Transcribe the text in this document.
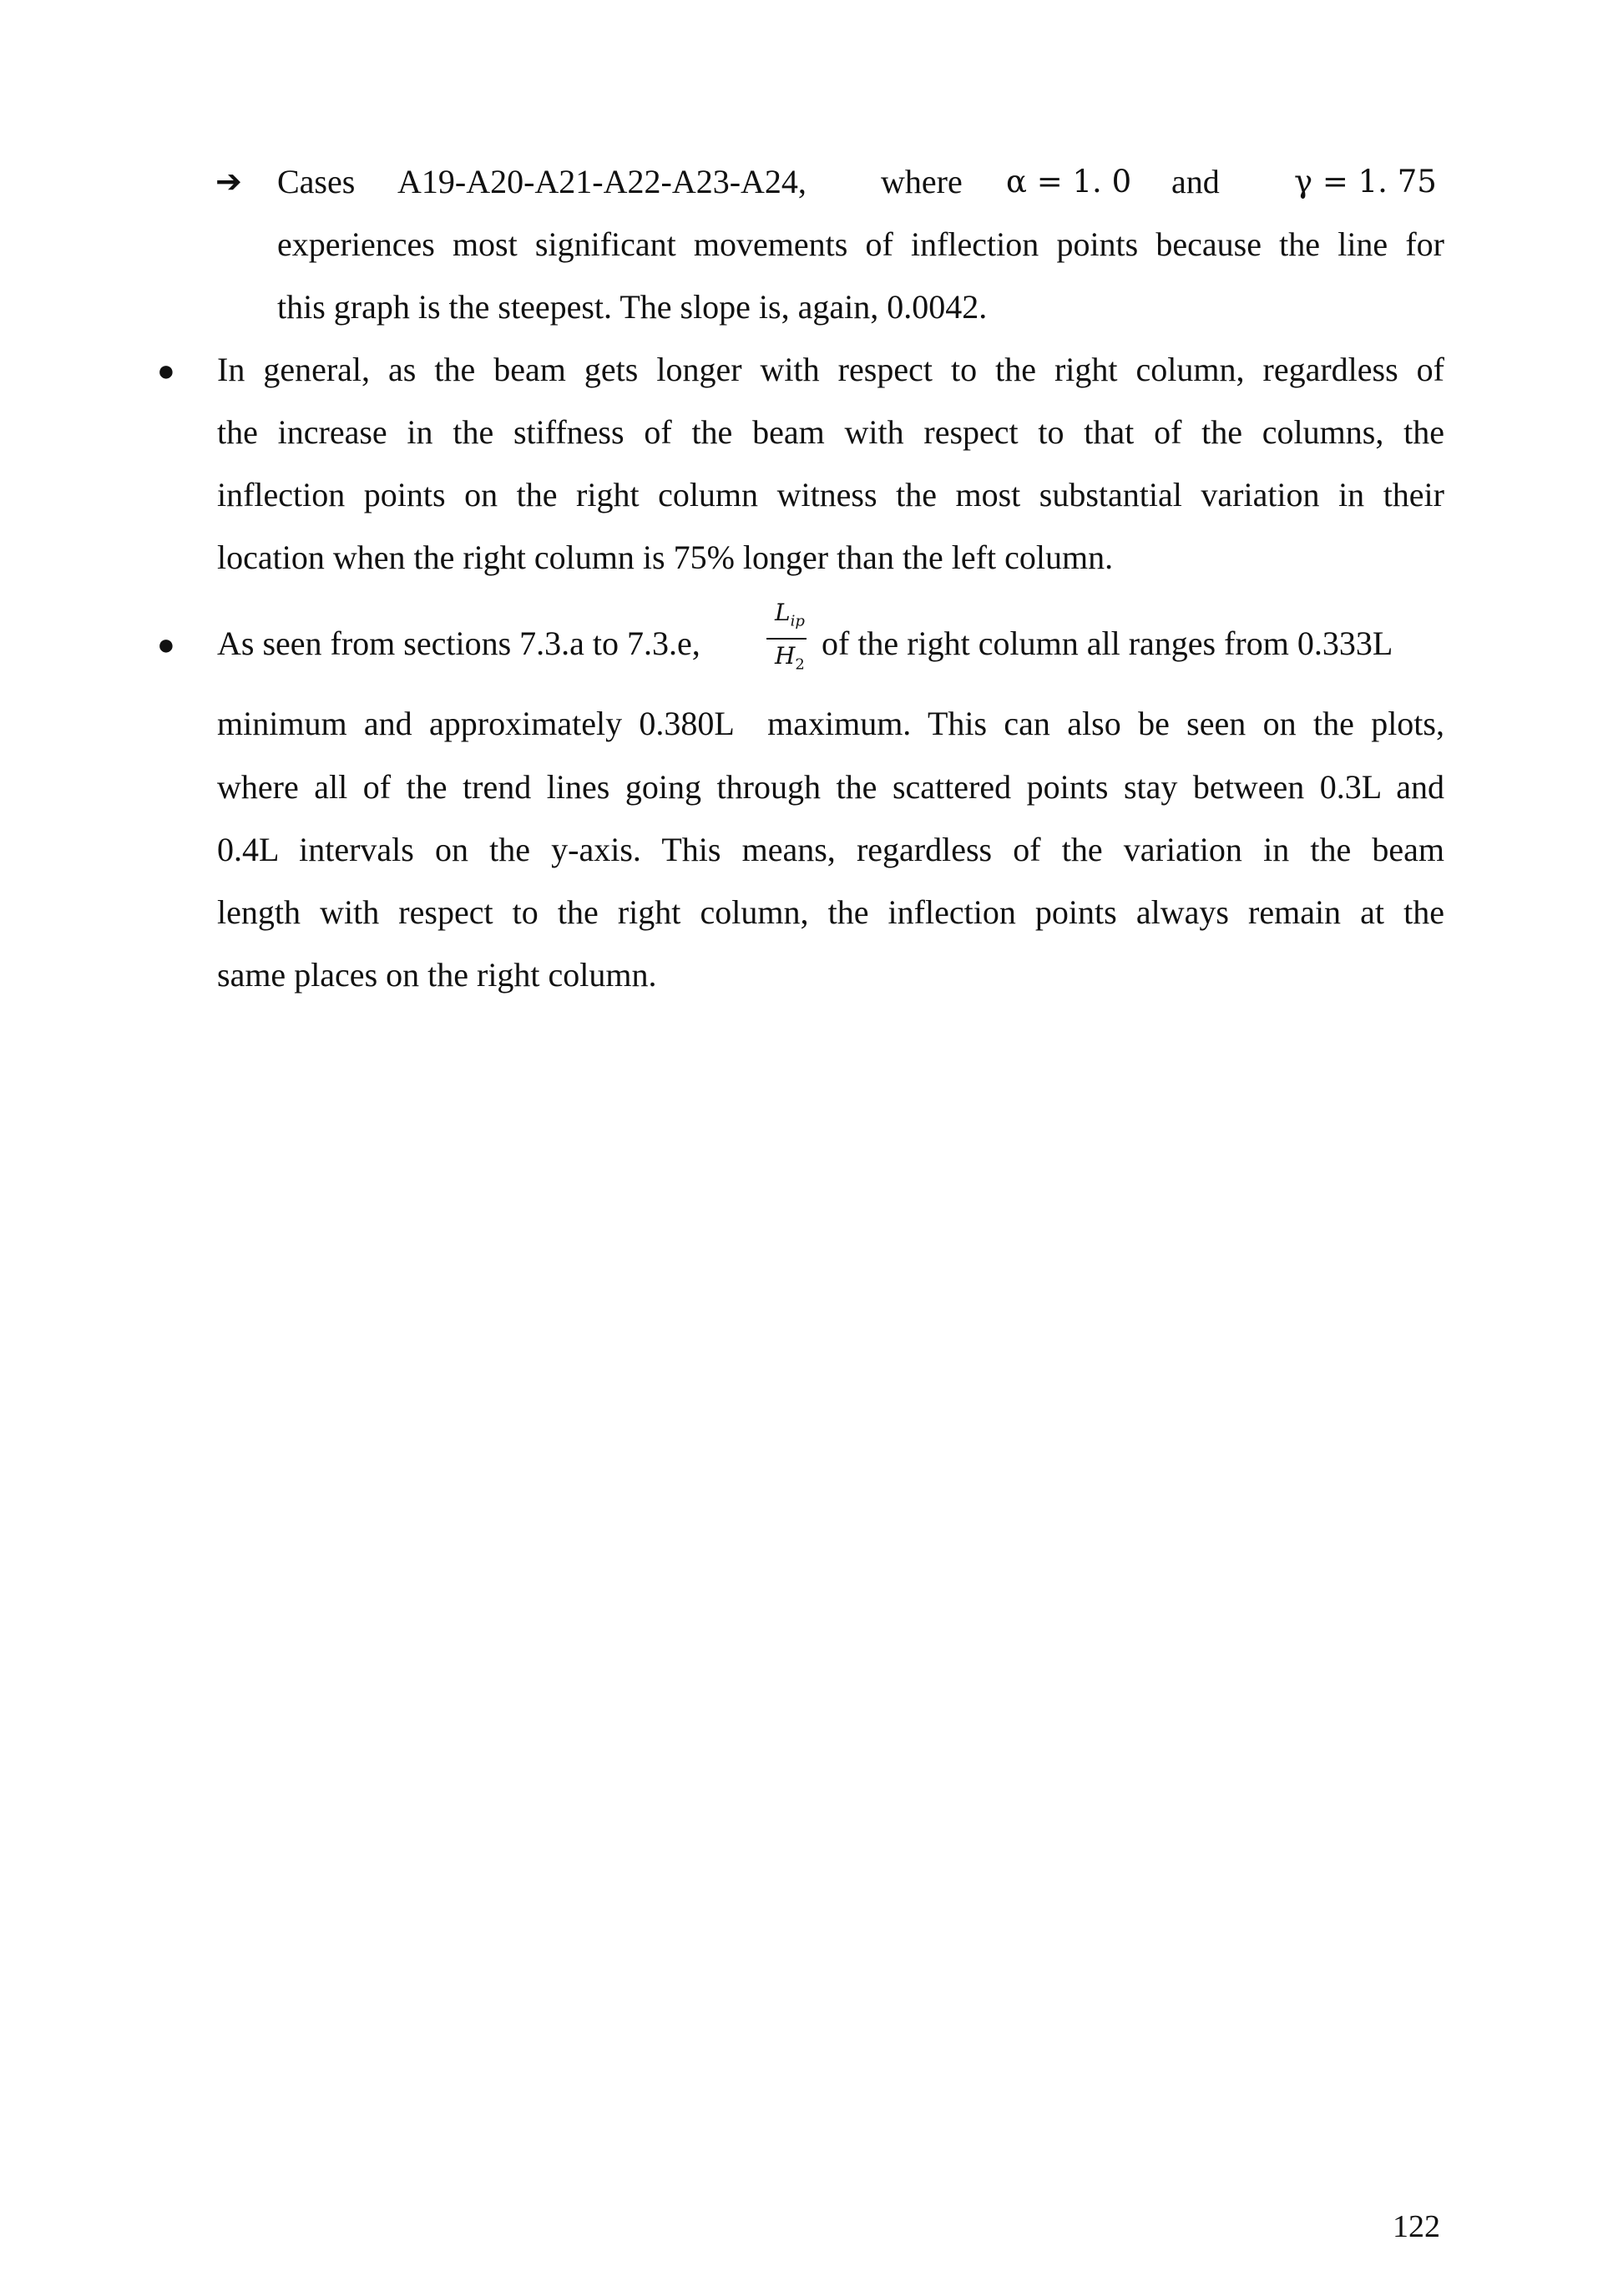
➔ Cases A19-A20-A21-A22-A23-A24, where α = 1. 0 and γ = 1. 75
experiences most significant movements of inflection points because the line for
this graph is the steepest. The slope is, again, 0.0042.
● In general, as the beam gets longer with respect to the right column, regardless of
the increase in the stiffness of the beam with respect to that of the columns, the
inflection points on the right column witness the most substantial variation in their
location when the right column is 75% longer than the left column.
● As seen from sections 7.3.a to 7.3.e,
$L_{ip}$
$H_2$
of the right column all ranges from 0.333L
minimum and approximately 0.380L  maximum. This can also be seen on the plots,
where all of the trend lines going through the scattered points stay between 0.3L and
0.4L intervals on the y-axis. This means, regardless of the variation in the beam
length with respect to the right column, the inflection points always remain at the
same places on the right column.
122
